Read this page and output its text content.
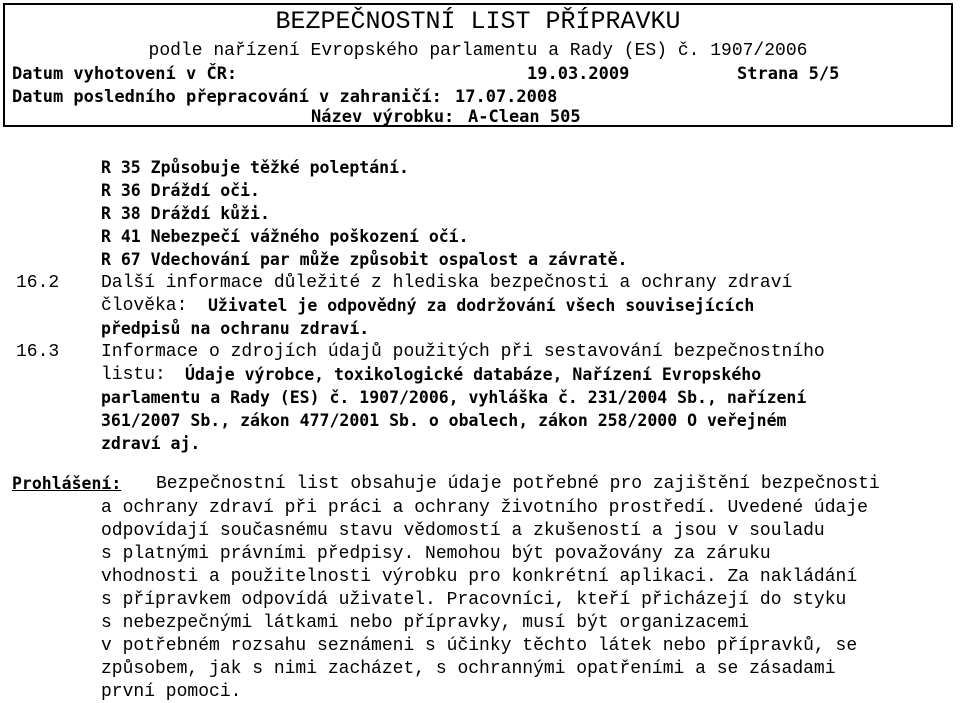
BEZPEČNOSTNÍ LIST PŘÍPRAVKU
podle nařízení Evropského parlamentu a Rady (ES) č. 1907/2006
Datum vyhotovení v ČR:	19.03.2009	Strana 5/5
Datum posledního přepracování v zahraničí: 17.07.2008
Název výrobku: A-Clean 505
R 35 Způsobuje těžké poleptání.
R 36 Dráždí oči.
R 38 Dráždí kůži.
R 41 Nebezpečí vážného poškození očí.
R 67 Vdechování par může způsobit ospalost a závratě.
16.2 Další informace důležité z hlediska bezpečnosti a ochrany zdraví
člověka: Uživatel je odpovědný za dodržování všech souvisejících
předpisů na ochranu zdraví.
16.3 Informace o zdrojích údajů použitých při sestavování bezpečnostního
listu: Údaje výrobce, toxikologické databáze, Nařízení Evropského
parlamentu a Rady (ES) č. 1907/2006, vyhláška č. 231/2004 Sb., nařízení
361/2007 Sb., zákon 477/2001 Sb. o obalech, zákon 258/2000 O veřejném
zdraví aj.
Prohlášení: Bezpečnostní list obsahuje údaje potřebné pro zajištění bezpečnosti
a ochrany zdraví při práci a ochrany životního prostředí. Uvedené údaje
odpovídají současnému stavu vědomostí a zkušeností a jsou v souladu
s platnými právními předpisy. Nemohou být považovány za záruku
vhodnosti a použitelnosti výrobku pro konkrétní aplikaci. Za nakládání
s přípravkem odpovídá uživatel. Pracovníci, kteří přicházejí do styku
s nebezpečnými látkami nebo přípravky, musí být organizacemi
v potřebném rozsahu seznámeni s účinky těchto látek nebo přípravků, se
způsobem, jak s nimi zacházet, s ochrannými opatřeními a se zásadami
první pomoci.
